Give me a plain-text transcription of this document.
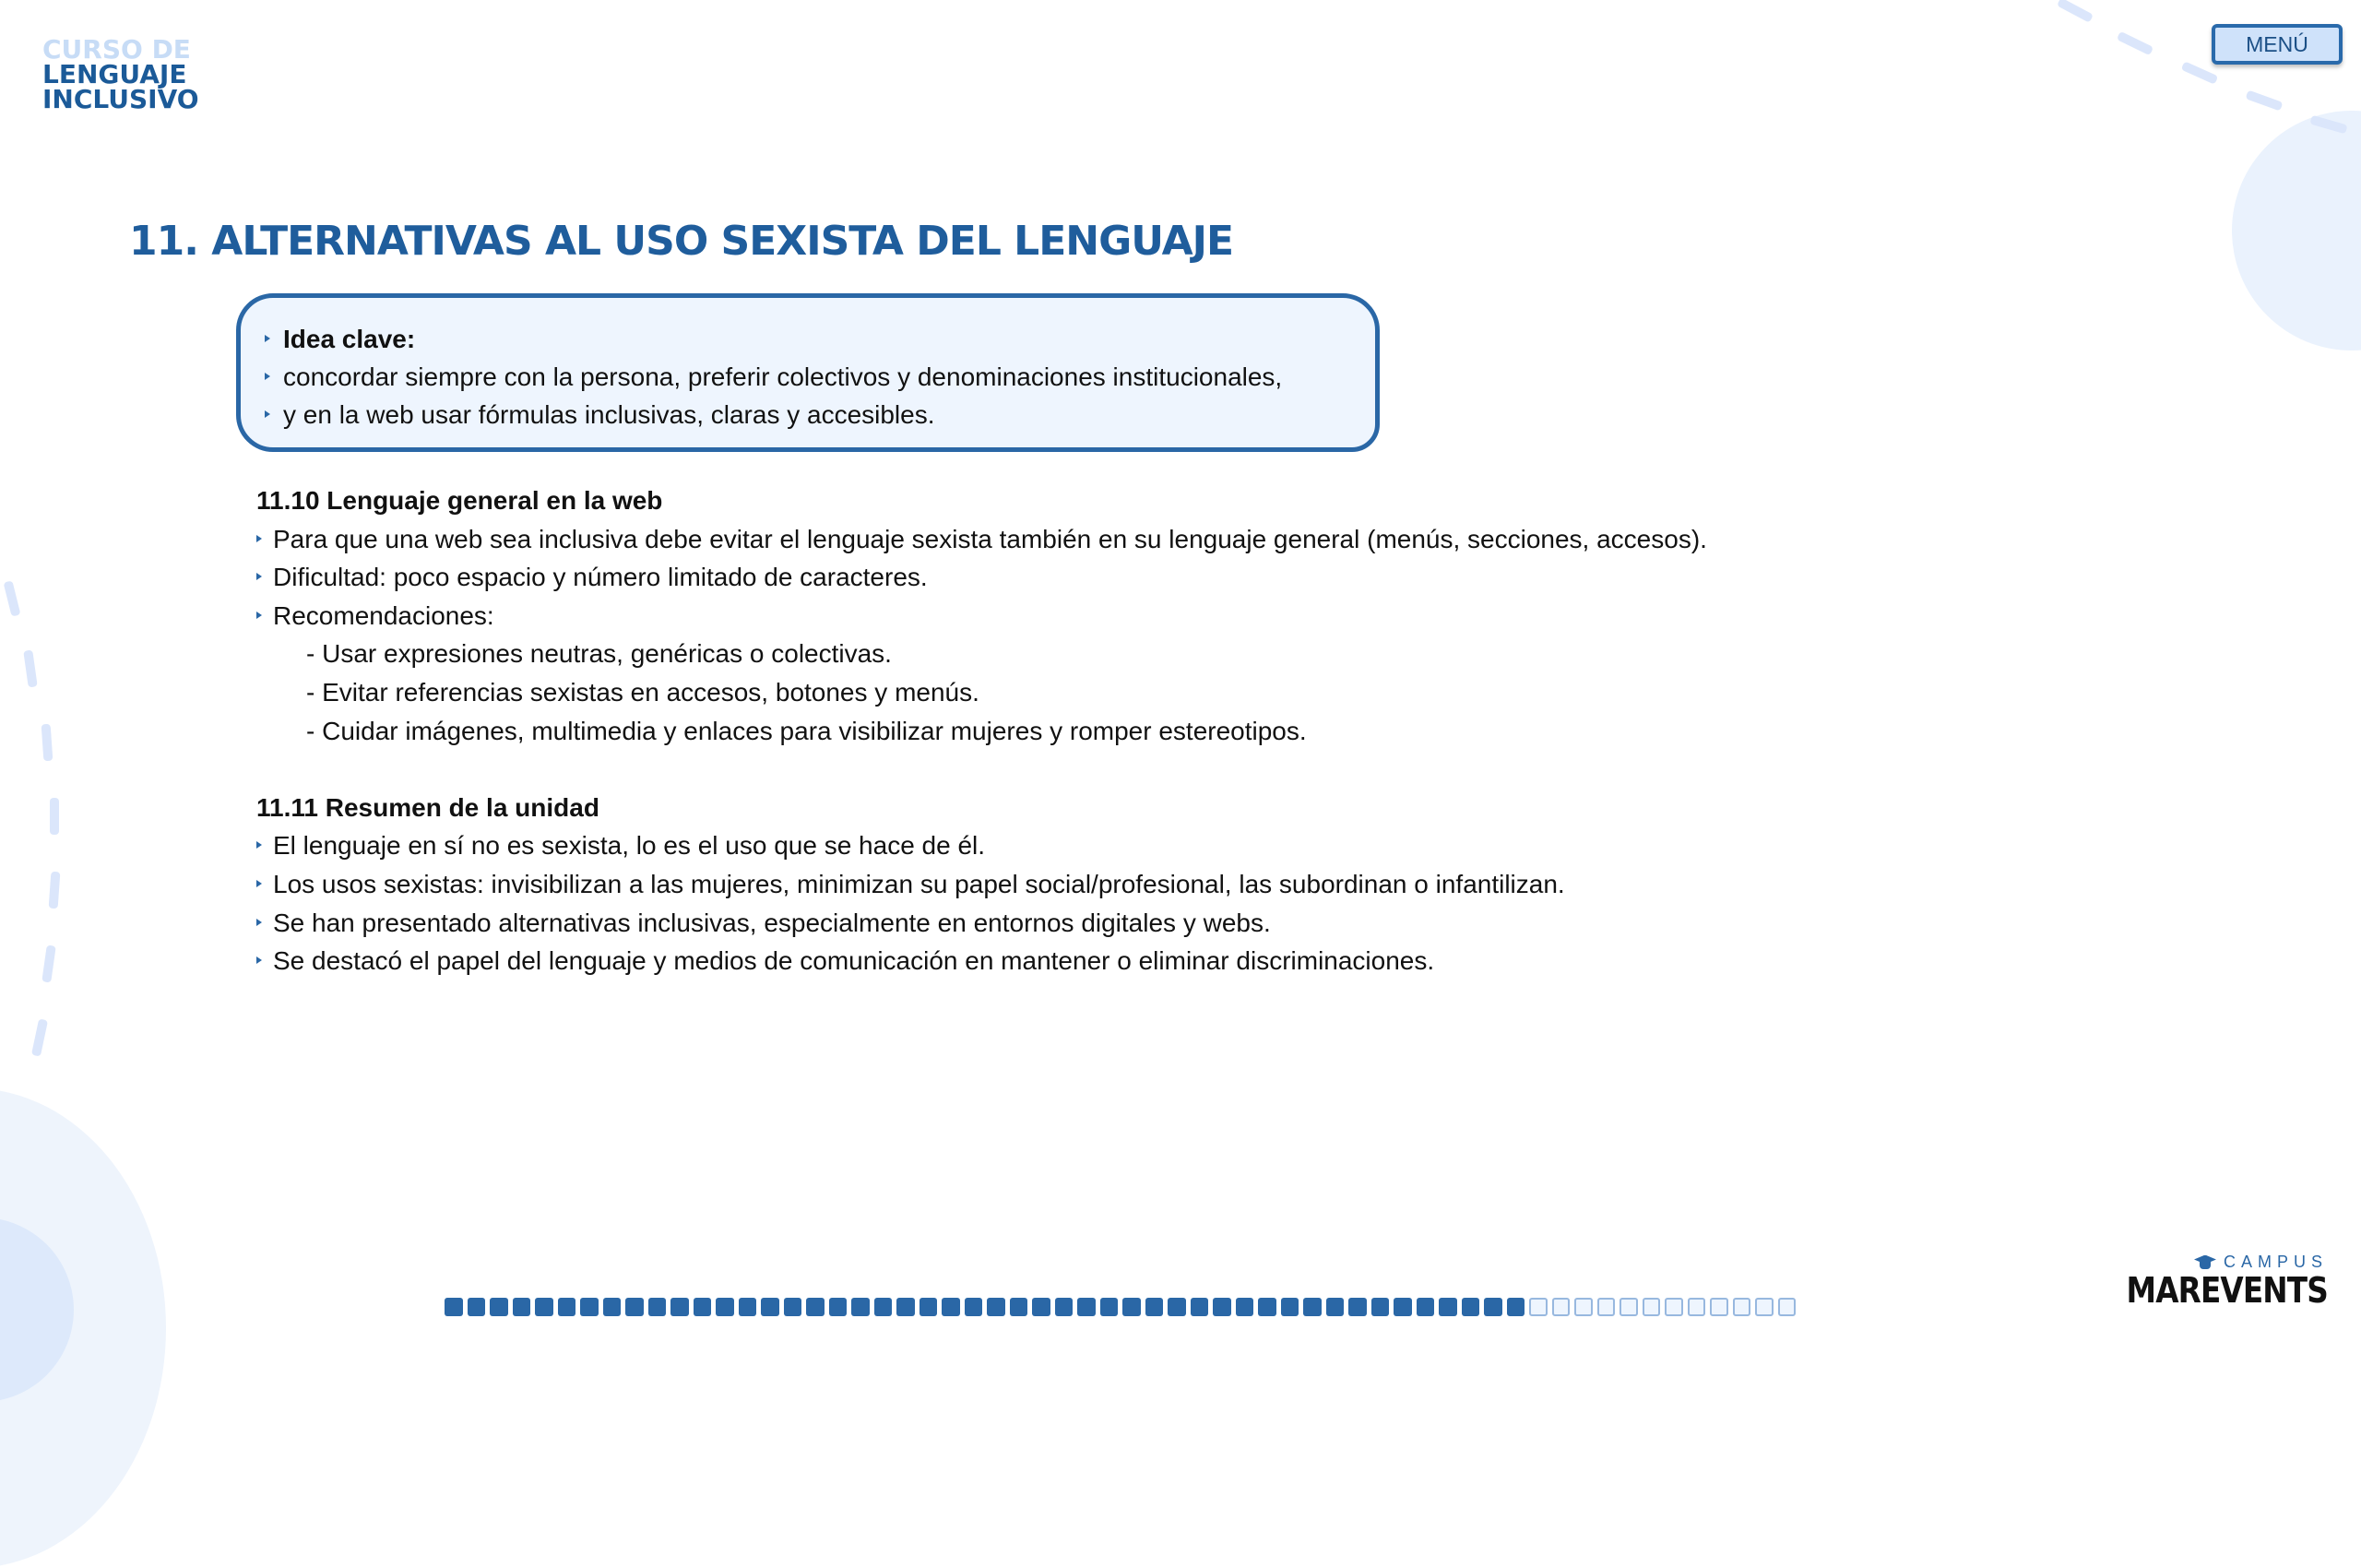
CURSO DE
LENGUAJE
INCLUSIVO
MENÚ
11. ALTERNATIVAS AL USO SEXISTA DEL LENGUAJE
Idea clave:
concordar siempre con la persona, preferir colectivos y denominaciones institucionales,
y en la web usar fórmulas inclusivas, claras y accesibles.
11.10 Lenguaje general en la web
Para que una web sea inclusiva debe evitar el lenguaje sexista también en su lenguaje general (menús, secciones, accesos).
Dificultad: poco espacio y número limitado de caracteres.
Recomendaciones:
- Usar expresiones neutras, genéricas o colectivas.
- Evitar referencias sexistas en accesos, botones y menús.
- Cuidar imágenes, multimedia y enlaces para visibilizar mujeres y romper estereotipos.
11.11 Resumen de la unidad
El lenguaje en sí no es sexista, lo es el uso que se hace de él.
Los usos sexistas: invisibilizan a las mujeres, minimizan su papel social/profesional, las subordinan o infantilizan.
Se han presentado alternativas inclusivas, especialmente en entornos digitales y webs.
Se destacó el papel del lenguaje y medios de comunicación en mantener o eliminar discriminaciones.
CAMPUS
MAREVENTS
